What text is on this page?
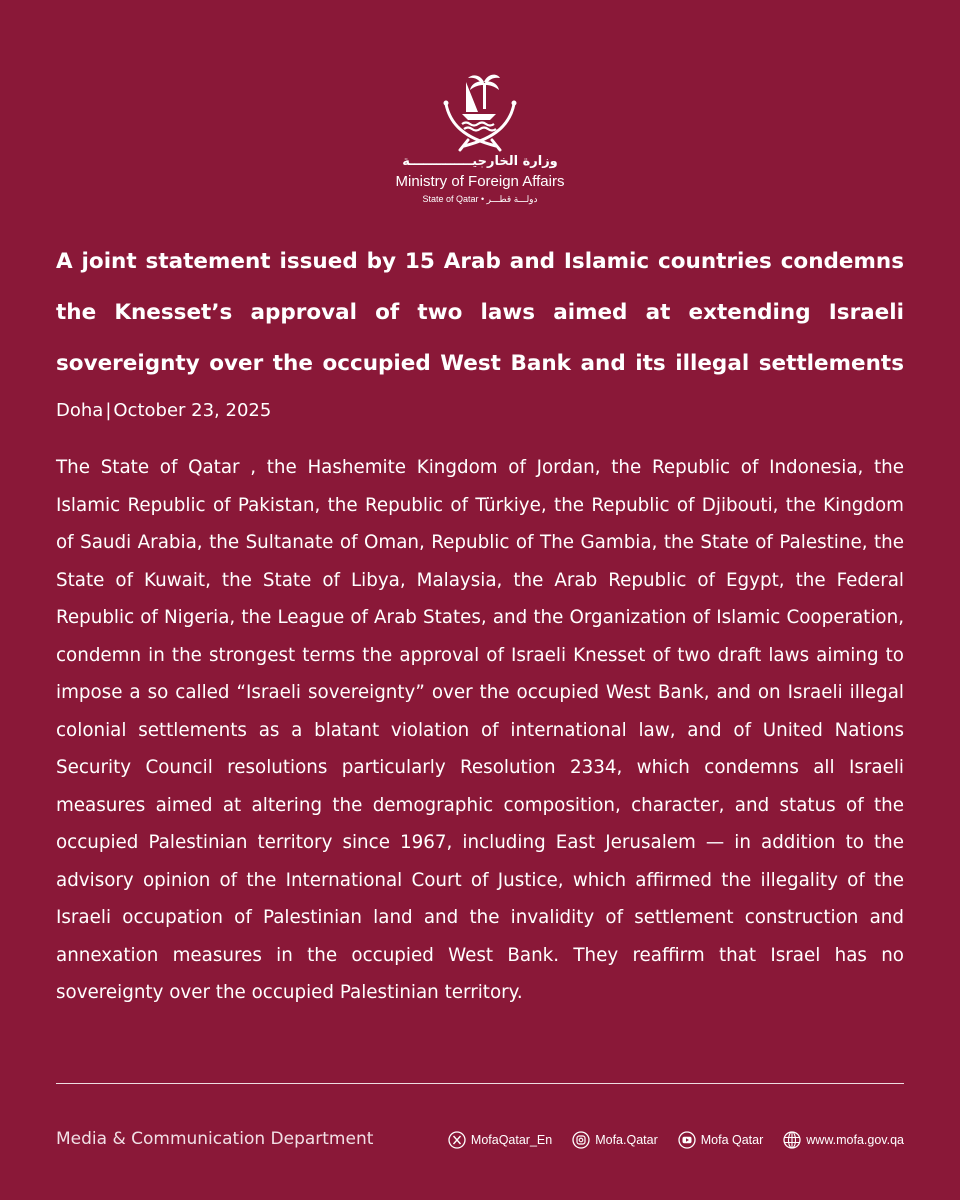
وزارة الخارجيــــــــــــــة
Ministry of Foreign Affairs
State of Qatar • دولـــة قطـــر
A joint statement issued by 15 Arab and Islamic countries condemns the Knesset’s approval of two laws aimed at extending Israeli sovereignty over the occupied West Bank and its illegal settlements
Doha | October 23, 2025

The State of Qatar , the Hashemite Kingdom of Jordan, the Republic of Indonesia, the Islamic Republic of Pakistan, the Republic of Türkiye, the Republic of Djibouti, the Kingdom of Saudi Arabia, the Sultanate of Oman, Republic of The Gambia, the State of Palestine, the State of Kuwait, the State of Libya, Malaysia, the Arab Republic of Egypt, the Federal Republic of Nigeria, the League of Arab States, and the Organization of Islamic Cooperation, condemn in the strongest terms the approval of Israeli Knesset of two draft laws aiming to impose a so called “Israeli sovereignty” over the occupied West Bank, and on Israeli illegal colonial settlements as a blatant violation of international law, and of United Nations Security Council resolutions particularly Resolution 2334, which condemns all Israeli measures aimed at altering the demographic composition, character, and status of the occupied Palestinian territory since 1967, including East Jerusalem — in addition to the advisory opinion of the International Court of Justice, which affirmed the illegality of the Israeli occupation of Palestinian land and the invalidity of settlement construction and annexation measures in the occupied West Bank. They reaffirm that Israel has no sovereignty over the occupied Palestinian territory.

Media & Communication Department	MofaQatar_En	Mofa.Qatar	Mofa Qatar	www.mofa.gov.qa
